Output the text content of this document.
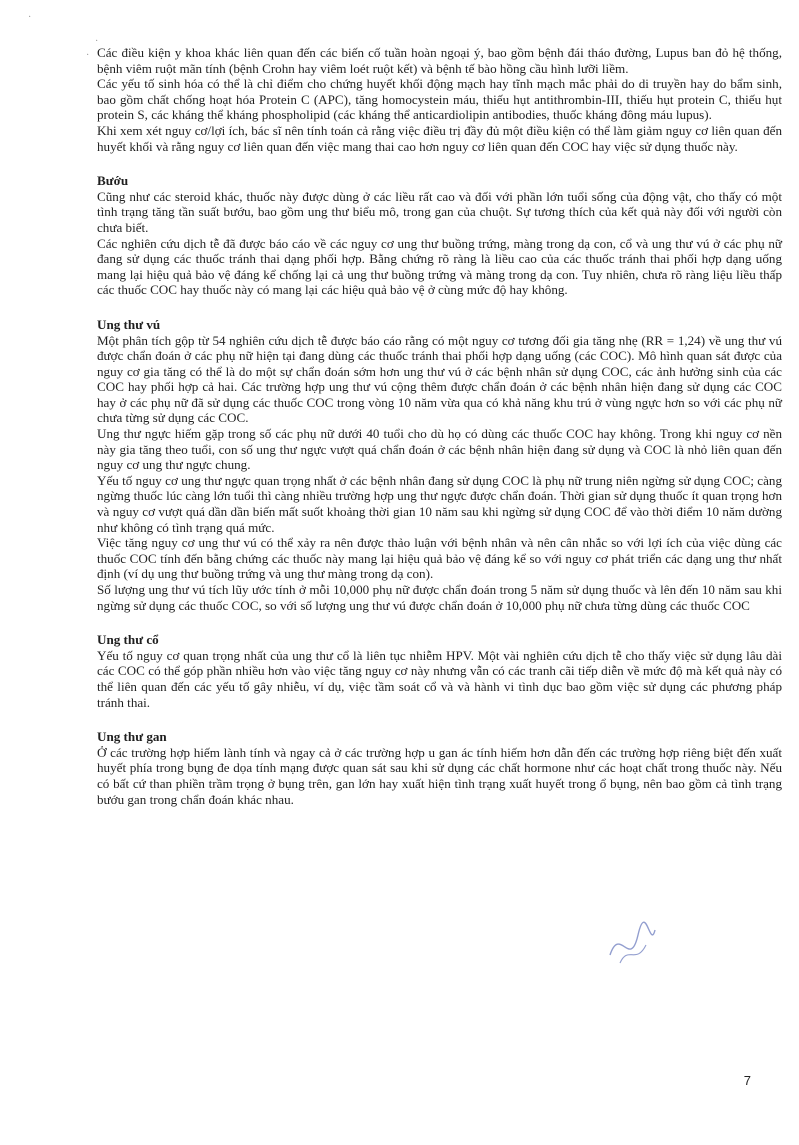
Các điều kiện y khoa khác liên quan đến các biến cố tuần hoàn ngoại ý, bao gồm bệnh đái tháo đường, Lupus ban đỏ hệ thống, bệnh viêm ruột mãn tính (bệnh Crohn hay viêm loét ruột kết) và bệnh tế bào hồng cầu hình lưỡi liềm.

Các yếu tố sinh hóa có thể là chỉ điểm cho chứng huyết khối động mạch hay tĩnh mạch mắc phải do di truyền hay do bẩm sinh, bao gồm chất chống hoạt hóa Protein C (APC), tăng homocystein máu, thiếu hụt antithrombin-III, thiếu hụt protein C, thiếu hụt protein S, các kháng thể kháng phospholipid (các kháng thể anticardiolipin antibodies, thuốc kháng đông máu lupus).

Khi xem xét nguy cơ/lợi ích, bác sĩ nên tính toán cả rằng việc điều trị đầy đủ một điều kiện có thể làm giảm nguy cơ liên quan đến huyết khối và rằng nguy cơ liên quan đến việc mang thai cao hơn nguy cơ liên quan đến COC hay việc sử dụng thuốc này.

Bướu

Cũng như các steroid khác, thuốc này được dùng ở các liều rất cao và đối với phần lớn tuổi sống của động vật, cho thấy có một tình trạng tăng tần suất bướu, bao gồm ung thư biểu mô, trong gan của chuột. Sự tương thích của kết quả này đối với người còn chưa biết.

Các nghiên cứu dịch tễ đã được báo cáo về các nguy cơ ung thư buồng trứng, màng trong dạ con, cổ và ung thư vú ở các phụ nữ đang sử dụng các thuốc tránh thai dạng phối hợp. Bằng chứng rõ ràng là liều cao của các thuốc tránh thai phối hợp dạng uống mang lại hiệu quả bảo vệ đáng kể chống lại cả ung thư buồng trứng và màng trong dạ con. Tuy nhiên, chưa rõ ràng liệu liều thấp các thuốc COC hay thuốc này có mang lại các hiệu quả bảo vệ ở cùng mức độ hay không.

Ung thư vú

Một phân tích gộp từ 54 nghiên cứu dịch tễ được báo cáo rằng có một nguy cơ tương đối gia tăng nhẹ (RR = 1,24) về ung thư vú được chẩn đoán ở các phụ nữ hiện tại đang dùng các thuốc tránh thai phối hợp dạng uống (các COC). Mô hình quan sát được của nguy cơ gia tăng có thể là do một sự chẩn đoán sớm hơn ung thư vú ở các bệnh nhân sử dụng COC, các ảnh hưởng sinh của các COC hay phối hợp cả hai. Các trường hợp ung thư vú cộng thêm được chẩn đoán ở các bệnh nhân hiện đang sử dụng các COC hay ở các phụ nữ đã sử dụng các thuốc COC trong vòng 10 năm vừa qua có khả năng khu trú ở vùng ngực hơn so với các phụ nữ chưa từng sử dụng các COC.

Ung thư ngực hiếm gặp trong số các phụ nữ dưới 40 tuổi cho dù họ có dùng các thuốc COC hay không. Trong khi nguy cơ nền này gia tăng theo tuổi, con số ung thư ngực vượt quá chẩn đoán ở các bệnh nhân hiện đang sử dụng và COC là nhỏ liên quan đến nguy cơ ung thư ngực chung.

Yếu tố nguy cơ ung thư ngực quan trọng nhất ở các bệnh nhân đang sử dụng COC là phụ nữ trung niên ngừng sử dụng COC; càng ngừng thuốc lúc càng lớn tuổi thì càng nhiều trường hợp ung thư ngực được chẩn đoán. Thời gian sử dụng thuốc ít quan trọng hơn và nguy cơ vượt quá dần dần biến mất suốt khoảng thời gian 10 năm sau khi ngừng sử dụng COC để vào thời điểm 10 năm dường như không có tình trạng quá mức.

Việc tăng nguy cơ ung thư vú có thể xảy ra nên được thảo luận với bệnh nhân và nên cân nhắc so với lợi ích của việc dùng các thuốc COC tính đến bằng chứng các thuốc này mang lại hiệu quả bảo vệ đáng kể so với nguy cơ phát triển các dạng ung thư nhất định (ví dụ ung thư buồng trứng và ung thư màng trong dạ con).

Số lượng ung thư vú tích lũy ước tính ở mỗi 10,000 phụ nữ được chẩn đoán trong 5 năm sử dụng thuốc và lên đến 10 năm sau khi ngừng sử dụng các thuốc COC, so với số lượng ung thư vú được chẩn đoán ở 10,000 phụ nữ chưa từng dùng các thuốc COC

Ung thư cổ

Yếu tố nguy cơ quan trọng nhất của ung thư cổ là liên tục nhiễm HPV. Một vài nghiên cứu dịch tễ cho thấy việc sử dụng lâu dài các COC có thể góp phần nhiều hơn vào việc tăng nguy cơ này nhưng vẫn có các tranh cãi tiếp diễn về mức độ mà kết quả này có thể liên quan đến các yếu tố gây nhiễu, ví dụ, việc tầm soát cổ và và hành vi tình dục bao gồm việc sử dụng các phương pháp tránh thai.

Ung thư gan

Ở các trường hợp hiếm lành tính và ngay cả ở các trường hợp u gan ác tính hiếm hơn dẫn đến các trường hợp riêng biệt đến xuất huyết phía trong bụng đe dọa tính mạng được quan sát sau khi sử dụng các chất hormone như các hoạt chất trong thuốc này. Nếu có bất cứ than phiền trầm trọng ở bụng trên, gan lớn hay xuất hiện tình trạng xuất huyết trong ổ bụng, nên bao gồm cả tình trạng bướu gan trong chẩn đoán khác nhau.

·
·
·
7
